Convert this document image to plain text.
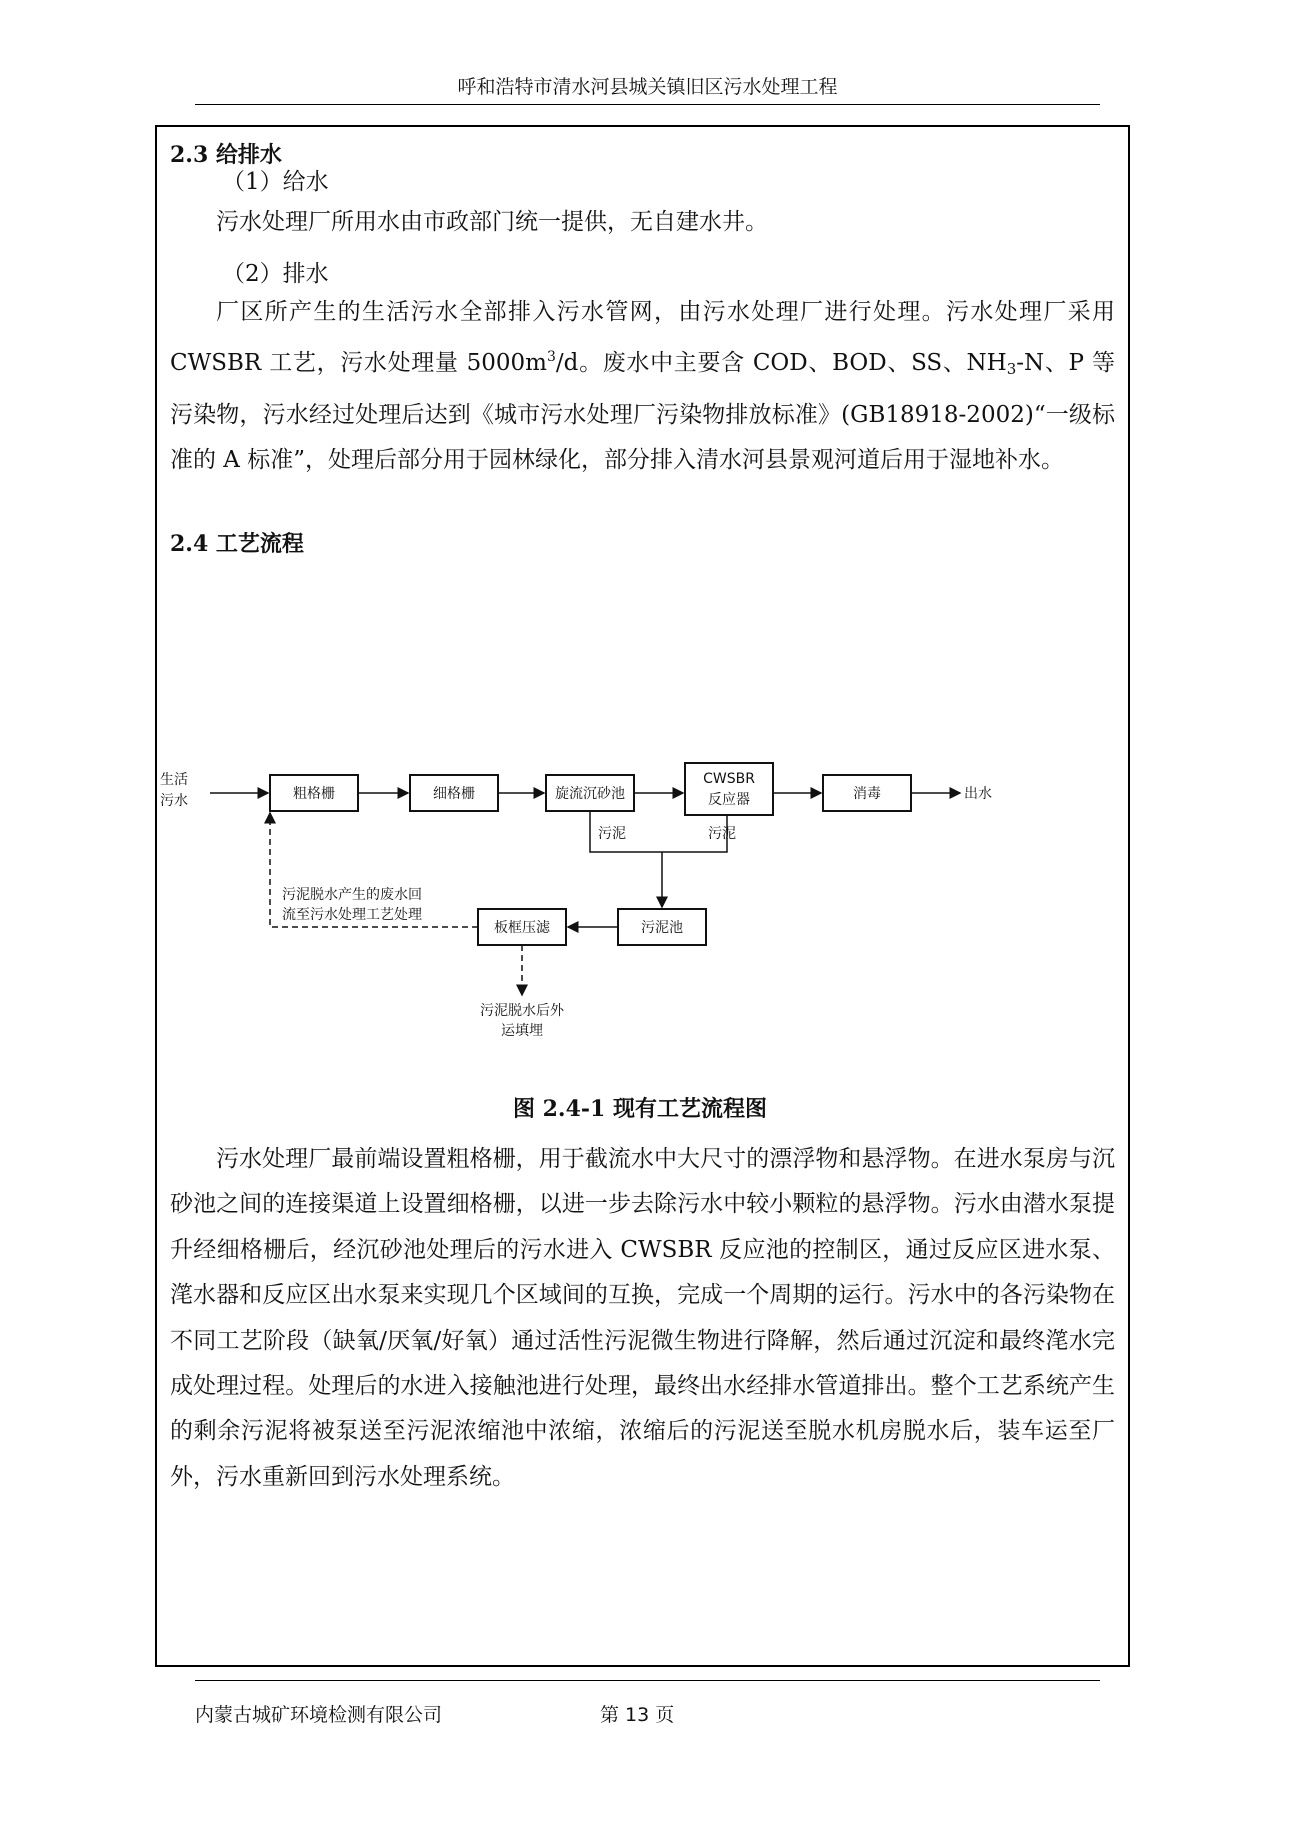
呼和浩特市清水河县城关镇旧区污水处理工程
2.3 给排水
（1）给水

污水处理厂所用水由市政部门统一提供，无自建水井。

（2）排水

厂区所产生的生活污水全部排入污水管网，由污水处理厂进行处理。污水处理厂采用 CWSBR 工艺，污水处理量 $5000m^3/d$。废水中主要含 COD、BOD、SS、$NH_3-N$、P 等污染物，污水经过处理后达到《城市污水处理厂污染物排放标准》(GB18918-2002)“一级标准的 A 标准”，处理后部分用于园林绿化，部分排入清水河县景观河道后用于湿地补水。

2.4 工艺流程
生活
污水	粗格栅	细格栅	旋流沉砂池
CWSBR
反应器	消毒	出水
污泥	污泥
污泥池
板框压滤
污泥脱水产生的废水回
流至污水处理工艺处理
污泥脱水后外
运填埋
图 2.4-1 现有工艺流程图

污水处理厂最前端设置粗格栅，用于截流水中大尺寸的漂浮物和悬浮物。在进水泵房与沉砂池之间的连接渠道上设置细格栅，以进一步去除污水中较小颗粒的悬浮物。污水由潜水泵提升经细格栅后，经沉砂池处理后的污水进入 CWSBR 反应池的控制区，通过反应区进水泵、滗水器和反应区出水泵来实现几个区域间的互换，完成一个周期的运行。污水中的各污染物在不同工艺阶段（缺氧/厌氧/好氧）通过活性污泥微生物进行降解，然后通过沉淀和最终滗水完成处理过程。处理后的水进入接触池进行处理，最终出水经排水管道排出。整个工艺系统产生的剩余污泥将被泵送至污泥浓缩池中浓缩，浓缩后的污泥送至脱水机房脱水后，装车运至厂外，污水重新回到污水处理系统。

内蒙古城矿环境检测有限公司	第 13 页
